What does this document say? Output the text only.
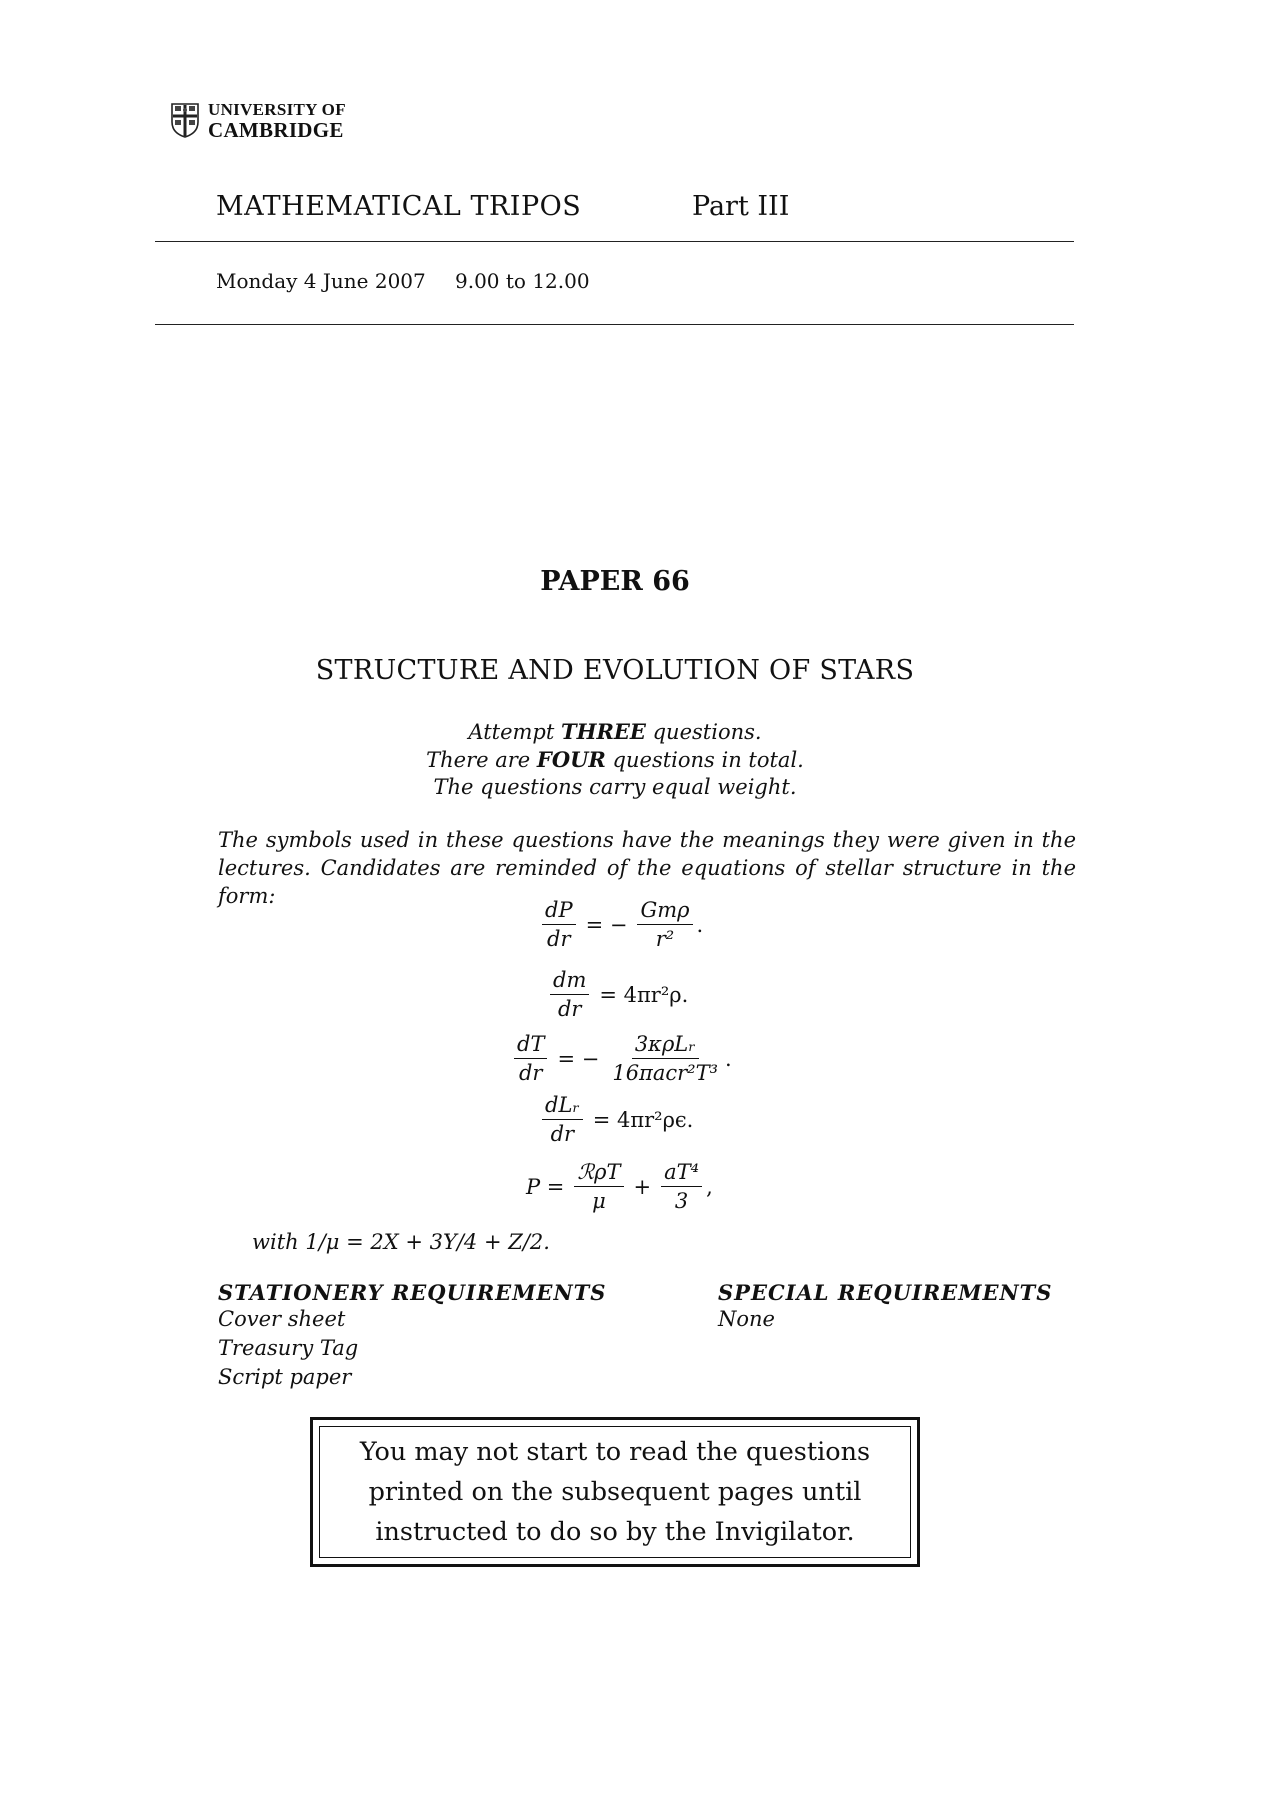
UNIVERSITY OF
CAMBRIDGE
MATHEMATICAL TRIPOS	Part III
Monday 4 June 2007 9.00 to 12.00
PAPER 66
STRUCTURE AND EVOLUTION OF STARS
Attempt THREE questions.
There are FOUR questions in total.
The questions carry equal weight.
The symbols used in these questions have the meanings they were given in the lectures. Candidates are reminded of the equations of stellar structure in the form:
$\frac{dP}{dr}$ = − $\frac{\text{Gmρ}}{\text{r²}}$ .
$\frac{dm}{dr} = 4\pi r^2\rho$.
$\frac{dT}{dr}$ = − $\frac{\text{3κρLᵣ}}{\text{16πacr²T³}}$ .
$\frac{\text{dLᵣ}}{dr} = 4\pi r^2\rho\epsilon$.
$P = \frac{\text{ℛρT}}{\mu} + \frac{\text{aT⁴}}{3}$ ,
with 1/μ = 2X + 3Y/4 + Z/2.
STATIONERY REQUIREMENTS
Cover sheet
Treasury Tag
Script paper
SPECIAL REQUIREMENTS
None
You may not start to read the questions
printed on the subsequent pages until
instructed to do so by the Invigilator.
